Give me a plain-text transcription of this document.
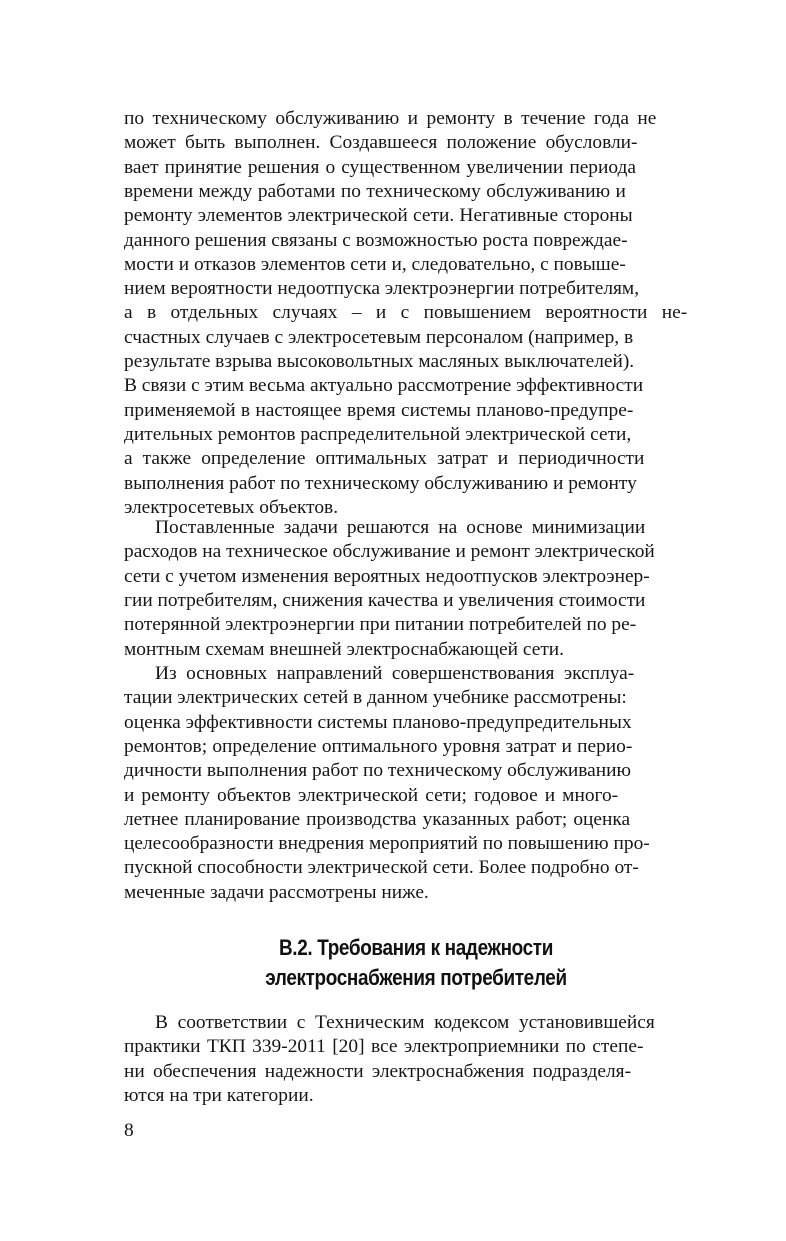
по техническому обслуживанию и ремонту в течение года не
может быть выполнен. Создавшееся положение обусловли-
вает принятие решения о существенном увеличении периода
времени между работами по техническому обслуживанию и
ремонту элементов электрической сети. Негативные стороны
данного решения связаны с возможностью роста повреждае-
мости и отказов элементов сети и, следовательно, с повыше-
нием вероятности недоотпуска электроэнергии потребителям,
а в отдельных случаях – и с повышением вероятности не-
счастных случаев с электросетевым персоналом (например, в
результате взрыва высоковольтных масляных выключателей).
В связи с этим весьма актуально рассмотрение эффективности
применяемой в настоящее время системы планово-предупре-
дительных ремонтов распределительной электрической сети,
а также определение оптимальных затрат и периодичности
выполнения работ по техническому обслуживанию и ремонту
электросетевых объектов.
Поставленные задачи решаются на основе минимизации
расходов на техническое обслуживание и ремонт электрической
сети с учетом изменения вероятных недоотпусков электроэнер-
гии потребителям, снижения качества и увеличения стоимости
потерянной электроэнергии при питании потребителей по ре-
монтным схемам внешней электроснабжающей сети.
Из основных направлений совершенствования эксплуа-
тации электрических сетей в данном учебнике рассмотрены:
оценка эффективности системы планово-предупредительных
ремонтов; определение оптимального уровня затрат и перио-
дичности выполнения работ по техническому обслуживанию
и ремонту объектов электрической сети; годовое и много-
летнее планирование производства указанных работ; оценка
целесообразности внедрения мероприятий по повышению про-
пускной способности электрической сети. Более подробно от-
меченные задачи рассмотрены ниже.
В.2. Требования к надежности
электроснабжения потребителей
В соответствии с Техническим кодексом установившейся
практики ТКП 339-2011 [20] все электроприемники по степе-
ни обеспечения надежности электроснабжения подразделя-
ются на три категории.
8
